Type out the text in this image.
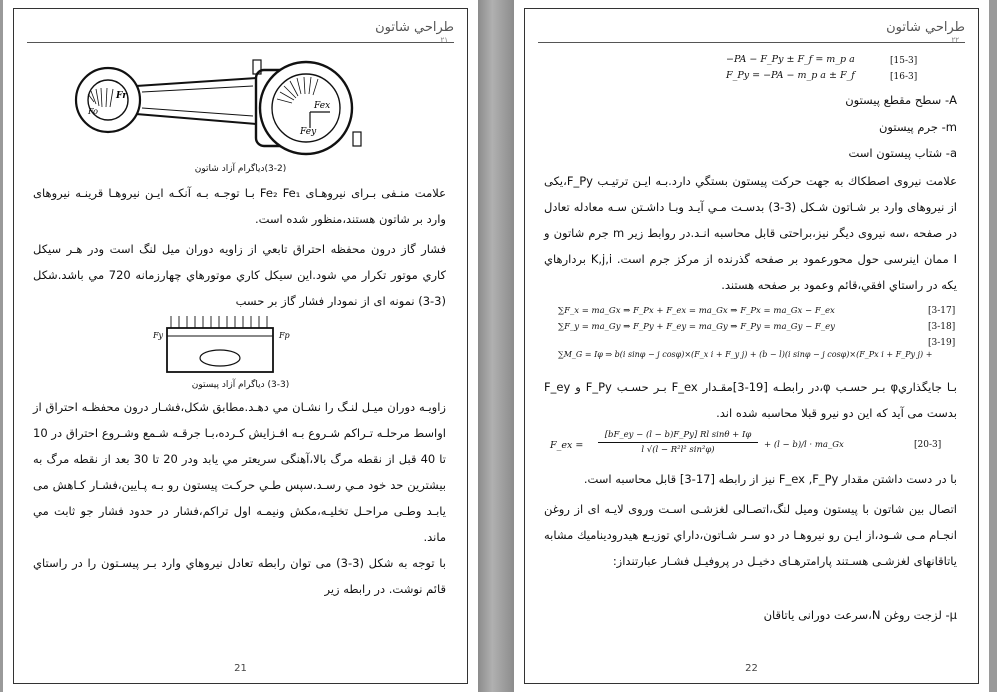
طراحي شاتون
۲۱
Fr
Fo
Fey
Fex
(3-2)دیاگرام آزاد شاتون

علامت منـفی بـرای نیروهـای Fe₂ Fe₁ بـا توجـه بـه آنکـه ایـن نیروهـا قرینـه نیروهای وارد بر شاتون هستند،منظور شده است.

فشار گاز درون محفظه احتراق تابعي از زاويه دوران ميل لنگ است ودر هـر سيكل كاري موتور تكرار مي شود.اين سيكل كاري موتورهاي چهارزمانه 720 مي باشد.شکل (3-3) نمونه ای از نمودار فشار گاز بر حسب

Fy	Fp
(3-3) دیاگرام آزاد پیستون

زاويـه دوران ميـل لنـگ را نشـان مي دهـد.مطابق شكل،فشـار درون محفظـه احتراق از اواسط مرحلـه تـراكم شـروع بـه افـزايش كـرده،بـا جرقـه شـمع وشـروع احتراق در 10 تا 40 قبل از نقطه مرگ بالا،آهنگى سريعتر مي يابد ودر 20 تا 30 بعد از نقطه مرگ به بيشترين حد خود مـي رسـد.سپس طـي حركـت پيستون رو بـه پـايين،فشـار كـاهش مى يابـد وطـى مراحـل تخليـه،مكش ونيمـه اول تراكم،فشار در حدود فشار جو ثابت مي ماند.

با توجه به شكل (3-3) مى توان رابطه تعادل نيروهاي وارد بـر پيسـتون را در راستاي قائم نوشت. در رابطه زير

21
طراحي شاتون
۲۲
−PA − F_Py ± F_f = m_p a	[15-3]
F_Py = −PA − m_p a ± F_f	[16-3]
A- سطح مقطع پيستون
m- جرم پيستون
a- شتاب پيستون است

علامت نيروى اصطكاك به جهت حركت پيستون بستگي دارد.بـه ايـن ترتيـب F_Py،يكى از نيروهاى وارد بر شـاتون شـكل (3-3) بدسـت مـي آيـد وبـا داشـتن سـه معادله تعادل در صفحه ،سه نيروى ديگر نيز،براحتى قابل محاسبه انـد.در روابط زير m جرم شاتون و I ممان اينرسى حول محورعمود بر صفحه گذرنده از مركز جرم است. K,j,i بردارهاي يكه در راستاي افقي،قائم وعمود بر صفحه هستند.

∑F_x = ma_Gx ⇒ F_Px + F_ex = ma_Gx ⇒ F_Px = ma_Gx − F_ex	[3-17]
∑F_y = ma_Gy ⇒ F_Py + F_ey = ma_Gy ⇒ F_Py = ma_Gy − F_ey	[3-18]
∑M_G = Iφ ⇒ b(i sinφ − j cosφ)×(F_x i + F_y j) + (b − l)(i sinφ − j cosφ)×(F_Px i + F_Py j) +
[3-19]

بـا جايگذاريφ بـر حسـب φ،در رابطـه [19-3]مقـدار F_ex بـر حسـب F_Py و F_ey بدست مى آيد كه اين دو نيرو قبلا محاسبه شده اند.

F_ex = $\frac{\text{[bF\_ey − (l − b)F\_Py] Rl sinθ + Iφ}}{\text{l √(l − R²l² sin²φ)}} + (l - b)/l$ · ma_Gx	[20-3]

با در دست داشتن مقدار F_ex ,F_Py نيز از رابطه [17-3] قابل محاسبه است.

اتصال بين شاتون با پيستون وميل لنگ،اتصـالى لغزشـى اسـت وروى لايـه اى از روغن انجـام مـى شـود،از ايـن رو نيروهـا در دو سـر شـاتون،داراي توزيـع هيدروديناميك مشابه ياتاقانهاى لغزشـى هسـتند پارامترهـاى دخيـل در پروفيـل فشـار عبارتنداز:

μ- لزجت روغن N،سرعت دورانی یاتاقان

22
